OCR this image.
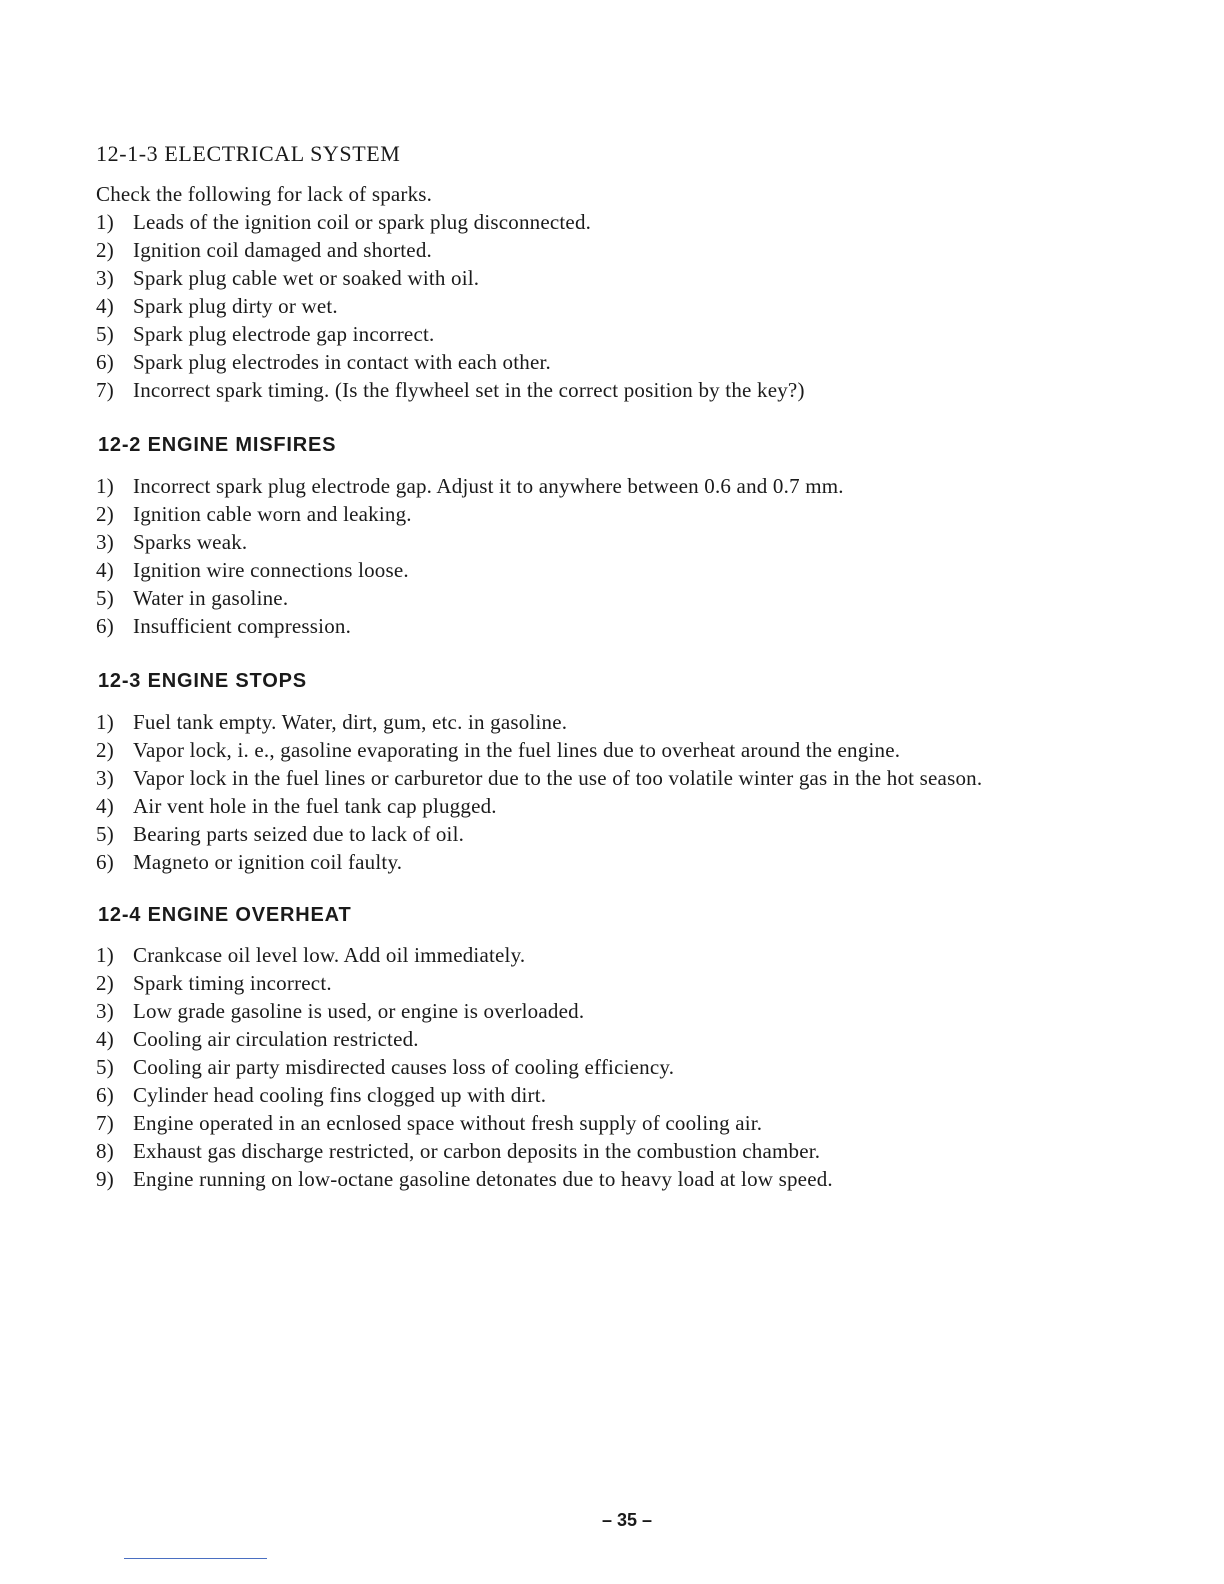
12-1-3 ELECTRICAL SYSTEM
Check the following for lack of sparks.
1) Leads of the ignition coil or spark plug disconnected.
2) Ignition coil damaged and shorted.
3) Spark plug cable wet or soaked with oil.
4) Spark plug dirty or wet.
5) Spark plug electrode gap incorrect.
6) Spark plug electrodes in contact with each other.
7) Incorrect spark timing. (Is the flywheel set in the correct position by the key?)
12-2 ENGINE MISFIRES
1) Incorrect spark plug electrode gap. Adjust it to anywhere between 0.6 and 0.7 mm.
2) Ignition cable worn and leaking.
3) Sparks weak.
4) Ignition wire connections loose.
5) Water in gasoline.
6) Insufficient compression.
12-3 ENGINE STOPS
1) Fuel tank empty. Water, dirt, gum, etc. in gasoline.
2) Vapor lock, i. e., gasoline evaporating in the fuel lines due to overheat around the engine.
3) Vapor lock in the fuel lines or carburetor due to the use of too volatile winter gas in the hot season.
4) Air vent hole in the fuel tank cap plugged.
5) Bearing parts seized due to lack of oil.
6) Magneto or ignition coil faulty.
12-4 ENGINE OVERHEAT
1) Crankcase oil level low. Add oil immediately.
2) Spark timing incorrect.
3) Low grade gasoline is used, or engine is overloaded.
4) Cooling air circulation restricted.
5) Cooling air party misdirected causes loss of cooling efficiency.
6) Cylinder head cooling fins clogged up with dirt.
7) Engine operated in an ecnlosed space without fresh supply of cooling air.
8) Exhaust gas discharge restricted, or carbon deposits in the combustion chamber.
9) Engine running on low-octane gasoline detonates due to heavy load at low speed.
– 35 –
